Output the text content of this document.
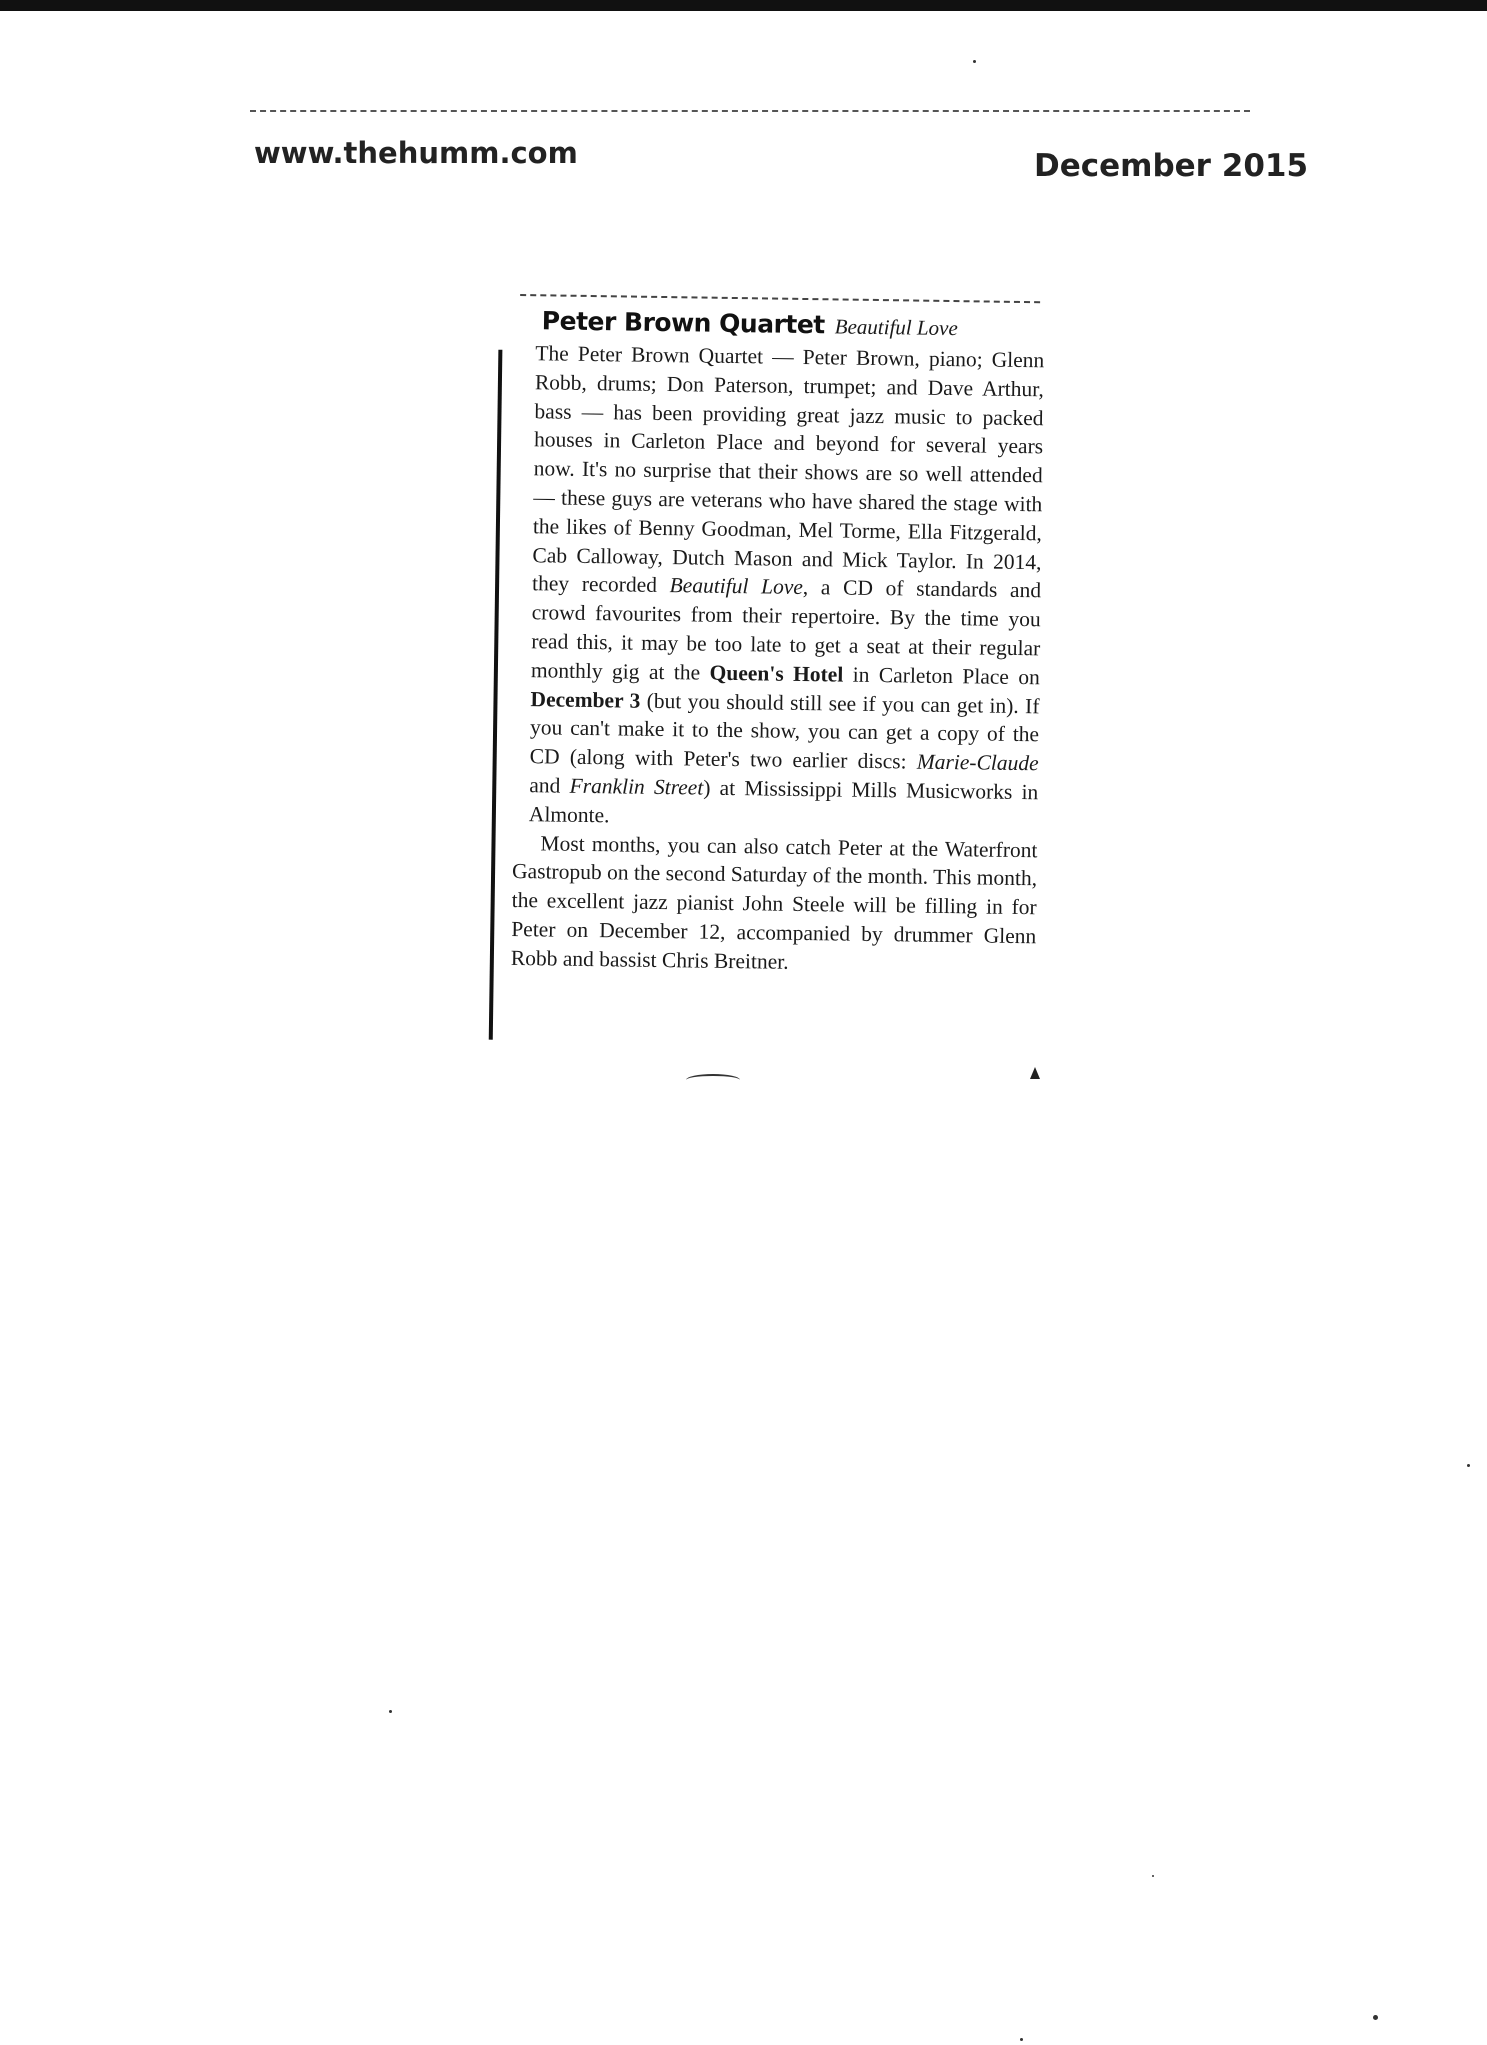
www.thehumm.com	December 2015
Peter Brown Quartet Beautiful Love

The Peter Brown Quartet — Peter Brown, piano; Glenn Robb, drums; Don Paterson, trumpet; and Dave Arthur, bass — has been providing great jazz music to packed houses in Carleton Place and beyond for several years now. It's no surprise that their shows are so well attended — these guys are veterans who have shared the stage with the likes of Benny Goodman, Mel Torme, Ella Fitzgerald, Cab Calloway, Dutch Mason and Mick Taylor. In 2014, they recorded Beautiful Love, a CD of standards and crowd favourites from their repertoire. By the time you read this, it may be too late to get a seat at their regular monthly gig at the Queen's Hotel in Carleton Place on December 3 (but you should still see if you can get in). If you can't make it to the show, you can get a copy of the CD (along with Peter's two earlier discs: Marie-Claude and Franklin Street) at Mississippi Mills Musicworks in Almonte.

Most months, you can also catch Peter at the Waterfront Gastropub on the second Saturday of the month. This month, the excellent jazz pianist John Steele will be filling in for Peter on December 12, accompanied by drummer Glenn Robb and bassist Chris Breitner.
